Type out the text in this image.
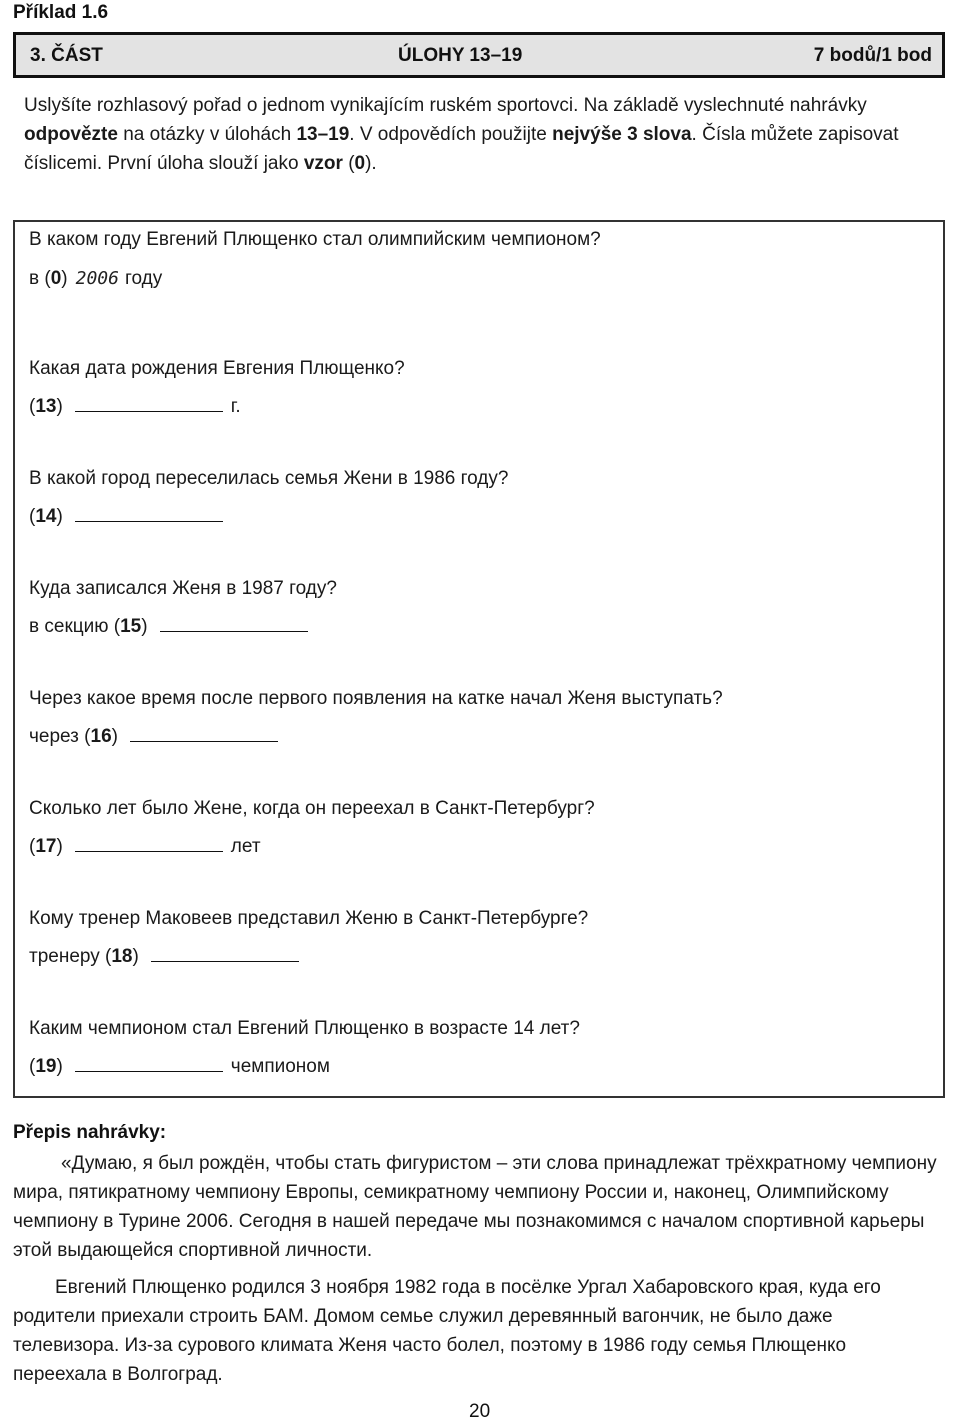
Příklad 1.6
3. ČÁST	ÚLOHY 13–19	7 bodů/1 bod
Uslyšíte rozhlasový pořad o jednom vynikajícím ruském sportovci. Na základě vyslechnuté nahrávky odpovězte na otázky v úlohách 13–19. V odpovědích použijte nejvýše 3 slova. Čísla můžete zapisovat číslicemi. První úloha slouží jako vzor (0).
В каком году Евгений Плющенко стал олимпийским чемпионом?
в (0) 2006 году
Какая дата рождения Евгения Плющенко?
(13)	г.
В какой город переселилась семья Жени в 1986 году?
(14)
Куда записался Женя в 1987 году?
в секцию (15)
Через какое время после первого появления на катке начал Женя выступать?
через (16)
Сколько лет было Жене, когда он переехал в Санкт-Петербург?
(17)	лет
Кому тренер Маковеев представил Женю в Санкт-Петербурге?
тренеру (18)
Каким чемпионом стал Евгений Плющенко в возрасте 14 лет?
(19)	чемпионом
Přepis nahrávky:
«Думаю, я был рождён, чтобы стать фигуристом – эти слова принадлежат трёхкратному чемпиону мира, пятикратному чемпиону Европы, семикратному чемпиону России и, наконец, Олимпийскому чемпиону в Турине 2006. Сегодня в нашей передаче мы познакомимся с началом спортивной карьеры этой выдающейся спортивной личности.
Евгений Плющенко родился 3 ноября 1982 года в посёлке Ургал Хабаровского края, куда его родители приехали строить БАМ. Домом семье служил деревянный вагончик, не было даже телевизора. Из-за сурового климата Женя часто болел, поэтому в 1986 году семья Плющенко переехала в Волгоград.
20
